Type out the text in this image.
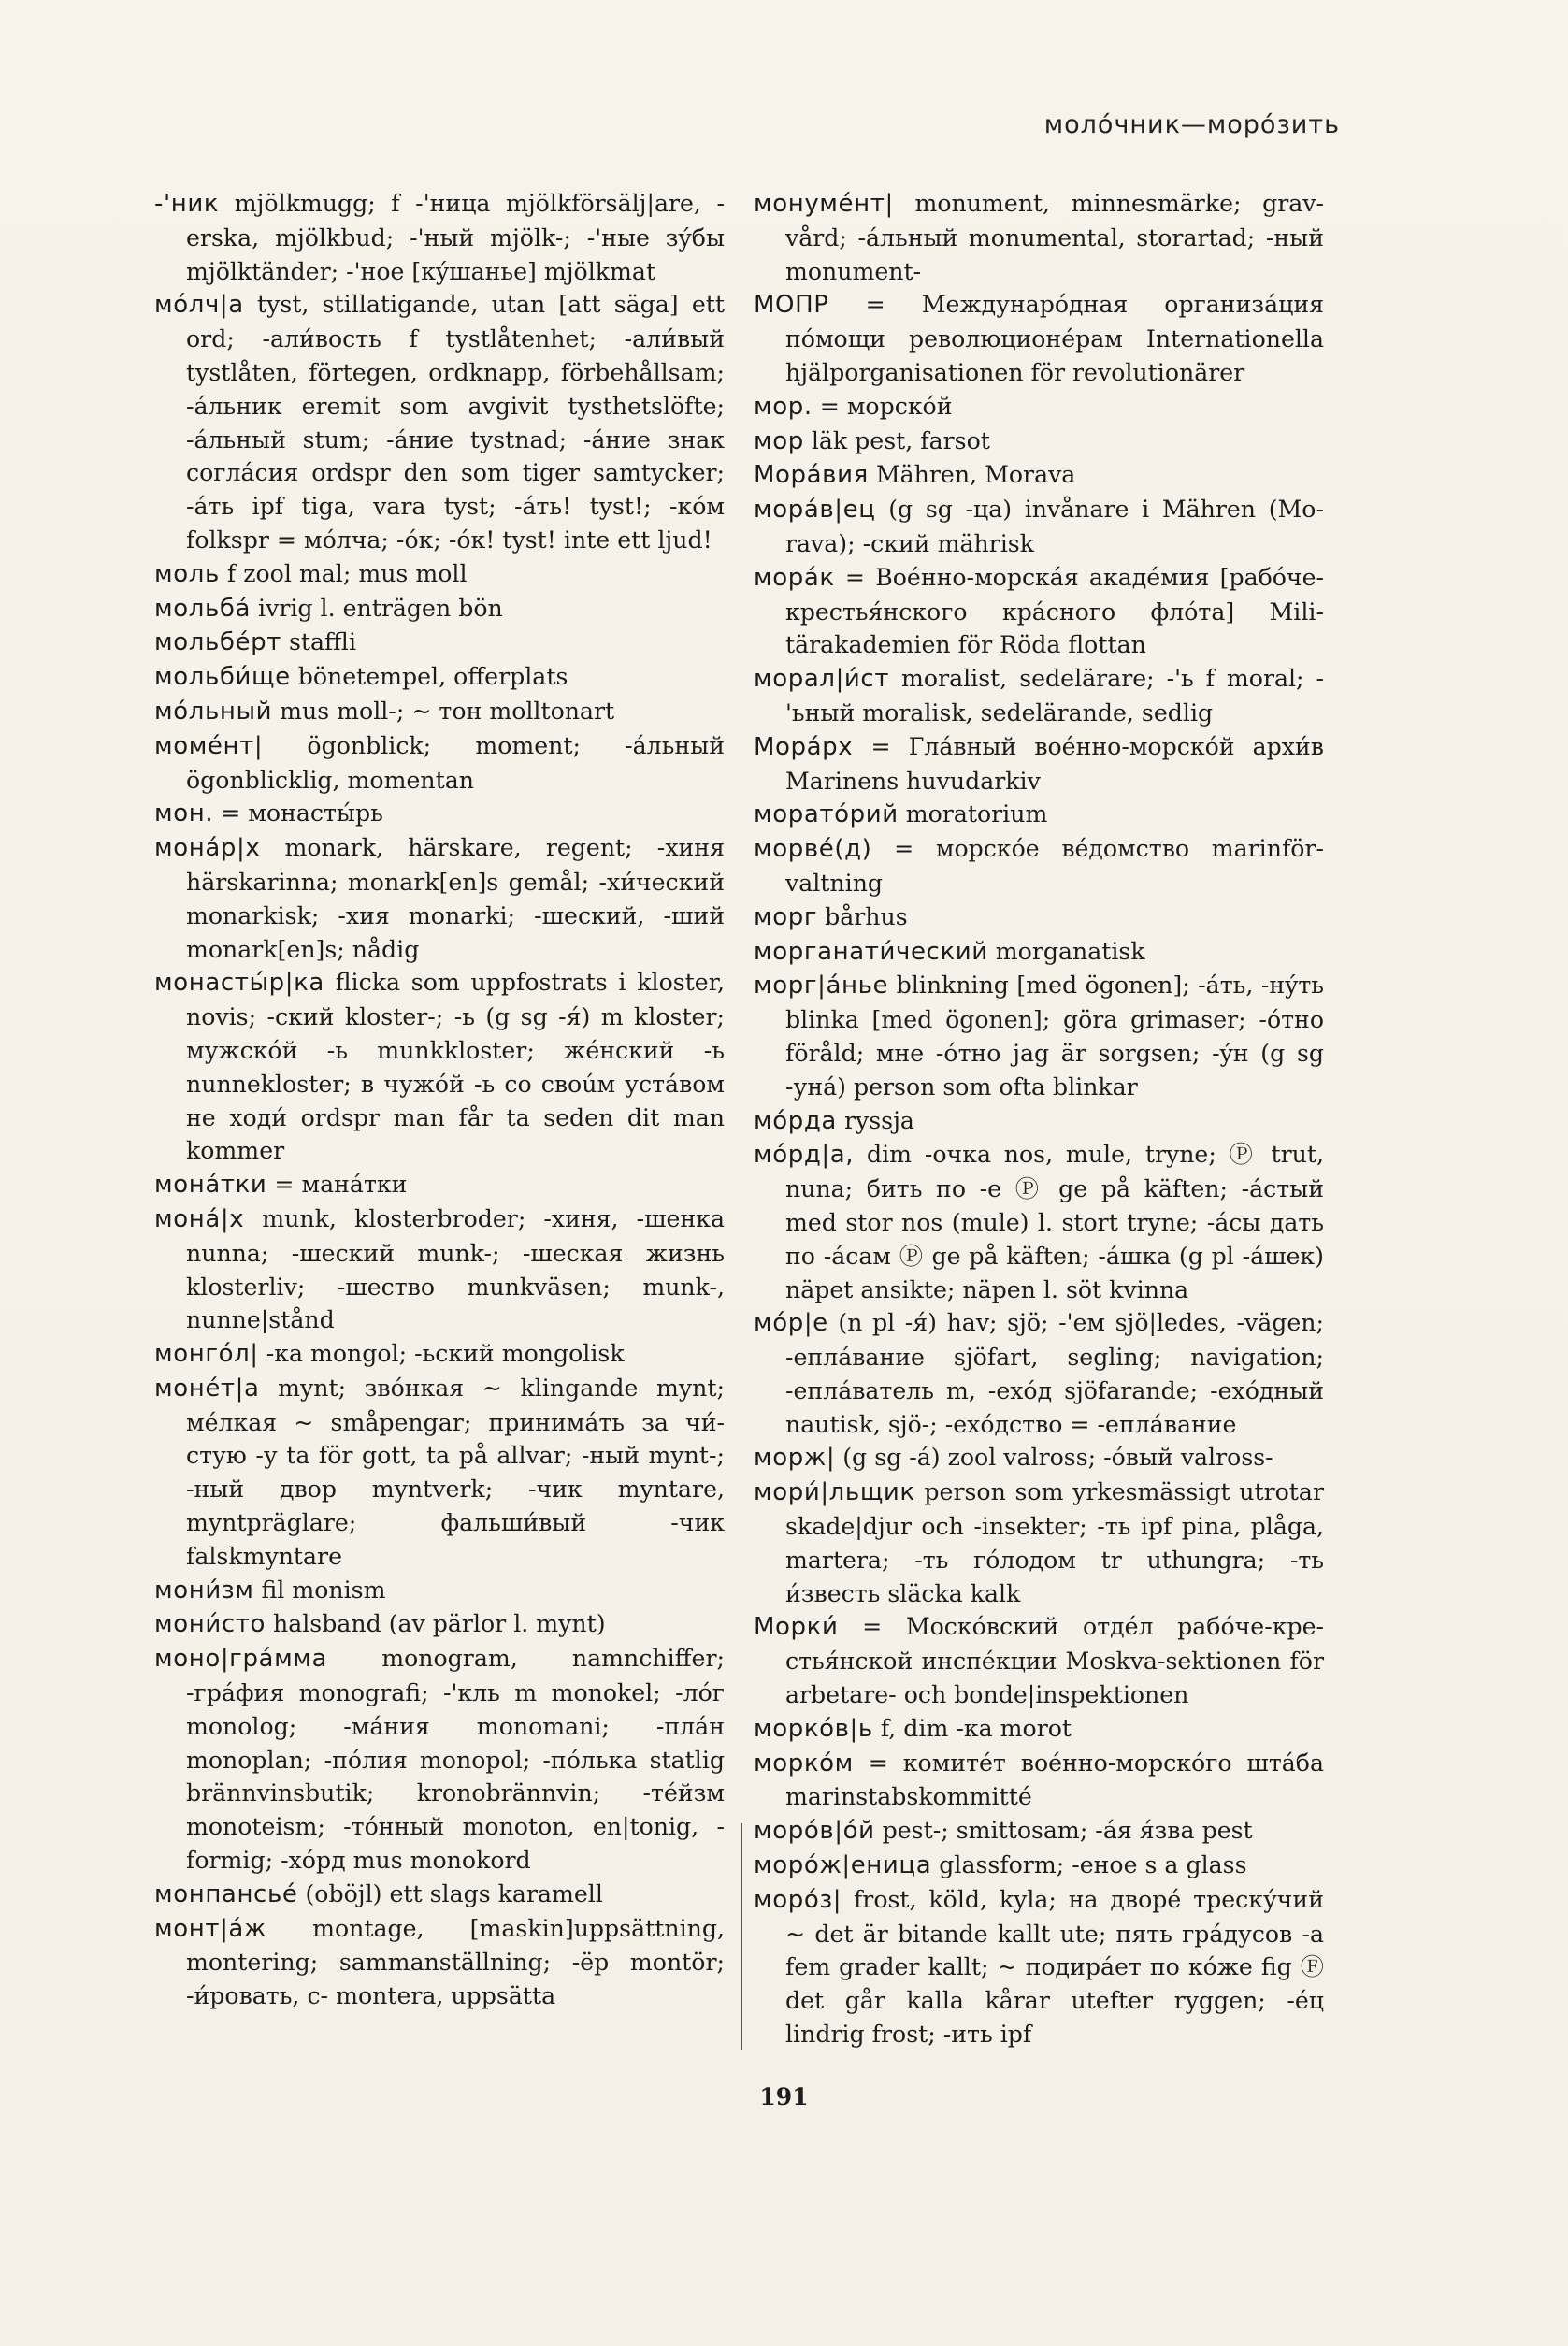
молóчник—морóзить

-'ник mjölkmugg; f -'ница mjölkförsälj|are, -erska, mjölkbud; -'ный mjölk-; -'ные зýбы mjölktänder; -'ное [кýшанье] mjölkmat

мóлч|а tyst, stillatigande, utan [att säga] ett ord; -али́вость f tystlåtenhet; -али́вый tystlåten, förtegen, ordknapp, förbehållsam; -áльник eremit som avgivit tysthetslöfte; -áльный stum; -áние tystnad; -áние знак соглáсия ordspr den som tiger samtycker; -áть ipf tiga, vara tyst; -áть! tyst!; -кóм folkspr = мóлча; -óк; -óк! tyst! inte ett ljud!

моль f zool mal; mus moll

мольбá ivrig l. enträgen bön

мольбéрт staffli

мольби́ще bönetempel, offerplats

мóльный mus moll-; ~ тон molltonart

момéнт| ögonblick; moment; -áльный ögonblicklig, momentan

мон. = монасты́рь

монáр|х monark, härskare, regent; -хиня härskarinna; monark[en]s gemål; -хи́ческий monarkisk; -хия monarki; -шеский, -ший monark[en]s; nådig

монасты́р|ка flicka som uppfostrats i kloster, novis; -ский kloster-; -ь (g sg -я́) m kloster; мужскóй -ь munkkloster; жéнский -ь nunnekloster; в чужóй -ь со своúм устáвом не ходи́ ordspr man får ta seden dit man kommer

монáтки = манáтки

монá|х munk, klosterbroder; -хиня, -шенка nunna; -шеский munk-; -шеская жизнь klosterliv; -шество munkväsen; munk-, nunne|stånd

монгóл| -ка mongol; -ьский mongolisk

монéт|а mynt; звóнкая ~ klingande mynt; мéлкая ~ småpengar; принимáть за чи́стую -у ta för gott, ta på allvar; -ный mynt-; -ный двор myntverk; -чик myntare, myntpräglare; фальши́вый -чик falskmyntare

мони́зм fil monism

мони́сто halsband (av pärlor l. mynt)

моно|грáмма monogram, namnchiffer; -грáфия monografi; -'кль m monokel; -лóг monolog; -мáния monomani; -плáн monoplan; -пóлия monopol; -пóлька statlig brännvinsbutik; kronobrännvin; -тéйзм monoteism; -тóнный monoton, en|tonig, -formig; -хóрд mus monokord

монпансьé (oböjl) ett slags karamell

монт|áж montage, [maskin]uppsättning, montering; sammanställning; -ёр montör; -и́ровать, с- montera, uppsätta

монумéнт| monument, minnesmärke; gravvård; -áльный monumental, storartad; -ный monument-

МОПР = Междунарóдная организáция пóмощи революционéрам Internationella hjälporganisationen för revolutionärer

мор. = морскóй

мор läk pest, farsot

Морáвия Mähren, Morava

морáв|ец (g sg -ца) invånare i Mähren (Morava); -ский mährisk

морáк = Воéнно-морскáя акадéмия [рабóче-крестья́нского крáсного флóта] Militärakademien för Röda flottan

морал|и́ст moralist, sedelärare; -'ь f moral; -'ьный moralisk, sedelärande, sedlig

Морáрх = Глáвный воéнно-морскóй архи́в Marinens huvudarkiv

морато́рий moratorium

морвé(д) = морскóе вéдомство marinförvaltning

морг bårhus

морганати́ческий morganatisk

морг|áнье blinkning [med ögonen]; -áть, -нýть blinka [med ögonen]; göra grimaser; -óтно föråld; мне -óтно jag är sorgsen; -ýн (g sg -унá) person som ofta blinkar

мóрда ryssja

мóрд|а, dim -очка nos, mule, tryne; Ⓟ trut, nuna; бить по -е Ⓟ ge på käften; -áстый med stor nos (mule) l. stort tryne; -áсы дать по -áсам Ⓟ ge på käften; -áшка (g pl -áшек) näpet ansikte; näpen l. söt kvinna

мóр|е (n pl -я́) hav; sjö; -'ем sjö|ledes, -vägen; -еплáвание sjöfart, segling; navigation; -еплáватель m, -ехóд sjöfarande; -ехóдный nautisk, sjö-; -ехóдство = -еплáвание

морж| (g sg -á) zool valross; -óвый valross-

мори́|льщик person som yrkesmässigt utrotar skade|djur och -insekter; -ть ipf pina, plåga, martera; -ть гóлодом tr uthungra; -ть и́звесть släcka kalk

Морки́ = Москóвский отдéл рабóче-крестья́нской инспéкции Moskva-sektionen för arbetare- och bonde|inspektionen

моркóв|ь f, dim -ка morot

моркóм = комитéт воéнно-морскóго штáба marinstabskommitté

морóв|óй pest-; smittosam; -áя я́зва pest

морóж|еница glassform; -еное s a glass

морóз| frost, köld, kyla; на дворé треску́чий ~ det är bitande kallt ute; пять гра́дусов -а fem grader kallt; ~ подирáет по кóже fig Ⓕ det går kalla kårar utefter ryggen; -éц lindrig frost; -ить ipf

191
